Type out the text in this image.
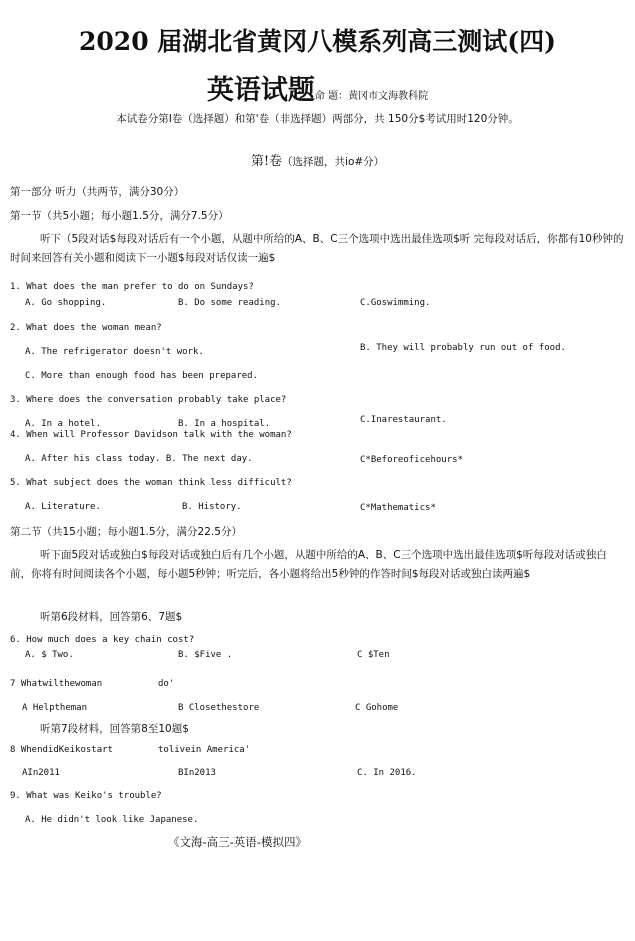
2020 届湖北省黄冈八模系列高三测试(四)
英语试题命 题：黄冈市文海教科院
本试卷分第I卷（选择题）和第'卷（非选择题）两部分，共 150分$考试用时120分钟。
第!卷（选择题，共io#分）
第一部分 听力（共两节，满分30分）
第一节（共5小题；每小题1.5分，满分7.5分）
听下（5段对话$每段对话后有一个小题，从题中所给的A、B、C三个选项中选出最佳选项$听 完每段对话后，你都有10秒钟的时间来回答有关小题和阅读下一小题$每段对话仅读一遍$
1. What does the man prefer to do on Sundays?
A. Go shopping.	B. Do some reading.	C.Goswimming.
2. What does the woman mean?
A. The refrigerator doesn't work.	B. They will probably run out of food.
C. More than enough food has been prepared.
3. Where does the conversation probably take place?
A. In a hotel.	B. In a hospital.	C.Inarestaurant.
4. When will Professor Davidson talk with the woman?
A. After his class today. B. The next day.	C*Beforeoficehours*
5. What subject does the woman think less difficult?
A. Literature.	B. History.	C*Mathematics*
第二节（共15小题；每小题1.5分，满分22.5分）
听下面5段对话或独白$每段对话或独白后有几个小题，从题中所给的A、B、C三个选项中选出最佳选项$听每段对话或独白前，你将有时间阅读各个小题，每小题5秒钟；听完后，各小题将给出5秒钟的作答时间$每段对话或独白读两遍$
听第6段材料，回答第6、7题$
6. How much does a key chain cost?
A. $ Two.	B. $Five .	C $Ten
7 Whatwilthewoman	do'
A Helptheman	B Closethestore	C Gohome
听第7段材料，回答第8至10题$
8 WhendidKeikostart	tolivein America'
AIn2011	BIn2013	C. In 2016.
9. What was Keiko's trouble?
A. He didn't look like Japanese.
《文海-高三-英语-模拟四》
